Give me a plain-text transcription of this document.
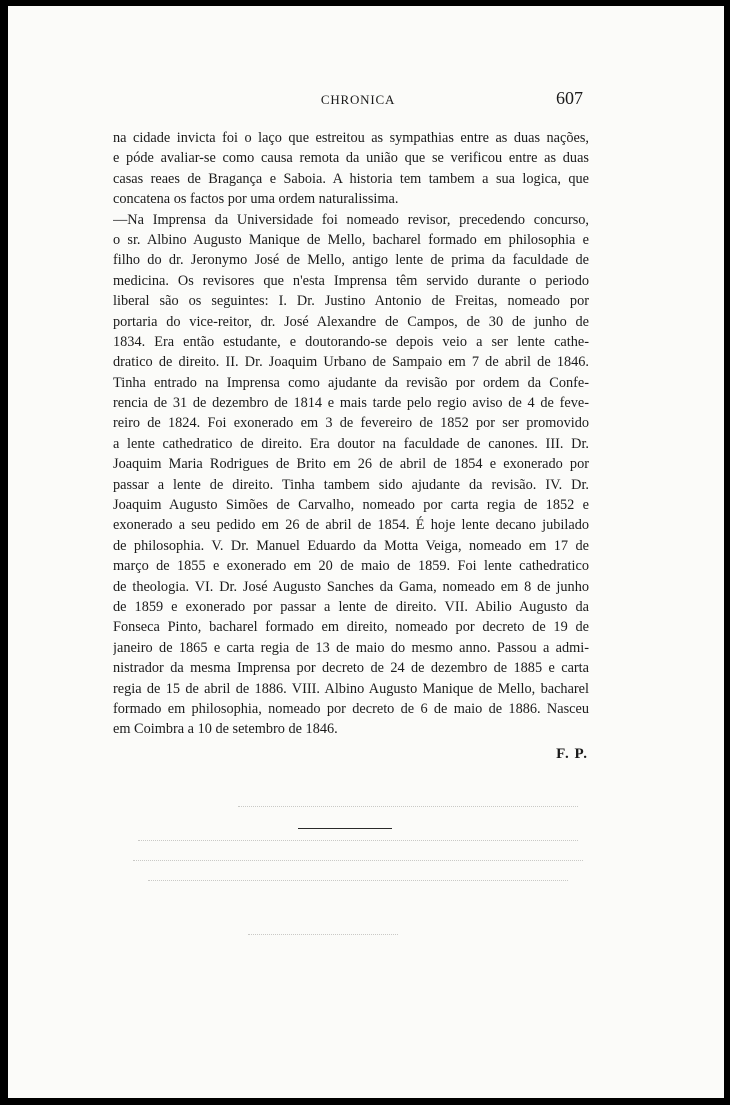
CHRONICA	607
na cidade invicta foi o laço que estreitou as sympathias entre as duas nações,
e póde avaliar-se como causa remota da união que se verificou entre as duas
casas reaes de Bragança e Saboia. A historia tem tambem a sua logica, que
concatena os factos por uma ordem naturalissima.
—Na Imprensa da Universidade foi nomeado revisor, precedendo concurso,
o sr. Albino Augusto Manique de Mello, bacharel formado em philosophia e
filho do dr. Jeronymo José de Mello, antigo lente de prima da faculdade de
medicina. Os revisores que n'esta Imprensa têm servido durante o periodo
liberal são os seguintes: I. Dr. Justino Antonio de Freitas, nomeado por
portaria do vice-reitor, dr. José Alexandre de Campos, de 30 de junho de
1834. Era então estudante, e doutorando-se depois veio a ser lente cathe-
dratico de direito. II. Dr. Joaquim Urbano de Sampaio em 7 de abril de 1846.
Tinha entrado na Imprensa como ajudante da revisão por ordem da Confe-
rencia de 31 de dezembro de 1814 e mais tarde pelo regio aviso de 4 de feve-
reiro de 1824. Foi exonerado em 3 de fevereiro de 1852 por ser promovido
a lente cathedratico de direito. Era doutor na faculdade de canones. III. Dr.
Joaquim Maria Rodrigues de Brito em 26 de abril de 1854 e exonerado por
passar a lente de direito. Tinha tambem sido ajudante da revisão. IV. Dr.
Joaquim Augusto Simões de Carvalho, nomeado por carta regia de 1852 e
exonerado a seu pedido em 26 de abril de 1854. É hoje lente decano jubilado
de philosophia. V. Dr. Manuel Eduardo da Motta Veiga, nomeado em 17 de
março de 1855 e exonerado em 20 de maio de 1859. Foi lente cathedratico
de theologia. VI. Dr. José Augusto Sanches da Gama, nomeado em 8 de junho
de 1859 e exonerado por passar a lente de direito. VII. Abilio Augusto da
Fonseca Pinto, bacharel formado em direito, nomeado por decreto de 19 de
janeiro de 1865 e carta regia de 13 de maio do mesmo anno. Passou a admi-
nistrador da mesma Imprensa por decreto de 24 de dezembro de 1885 e carta
regia de 15 de abril de 1886. VIII. Albino Augusto Manique de Mello, bacharel
formado em philosophia, nomeado por decreto de 6 de maio de 1886. Nasceu
em Coimbra a 10 de setembro de 1846.
F. P.
